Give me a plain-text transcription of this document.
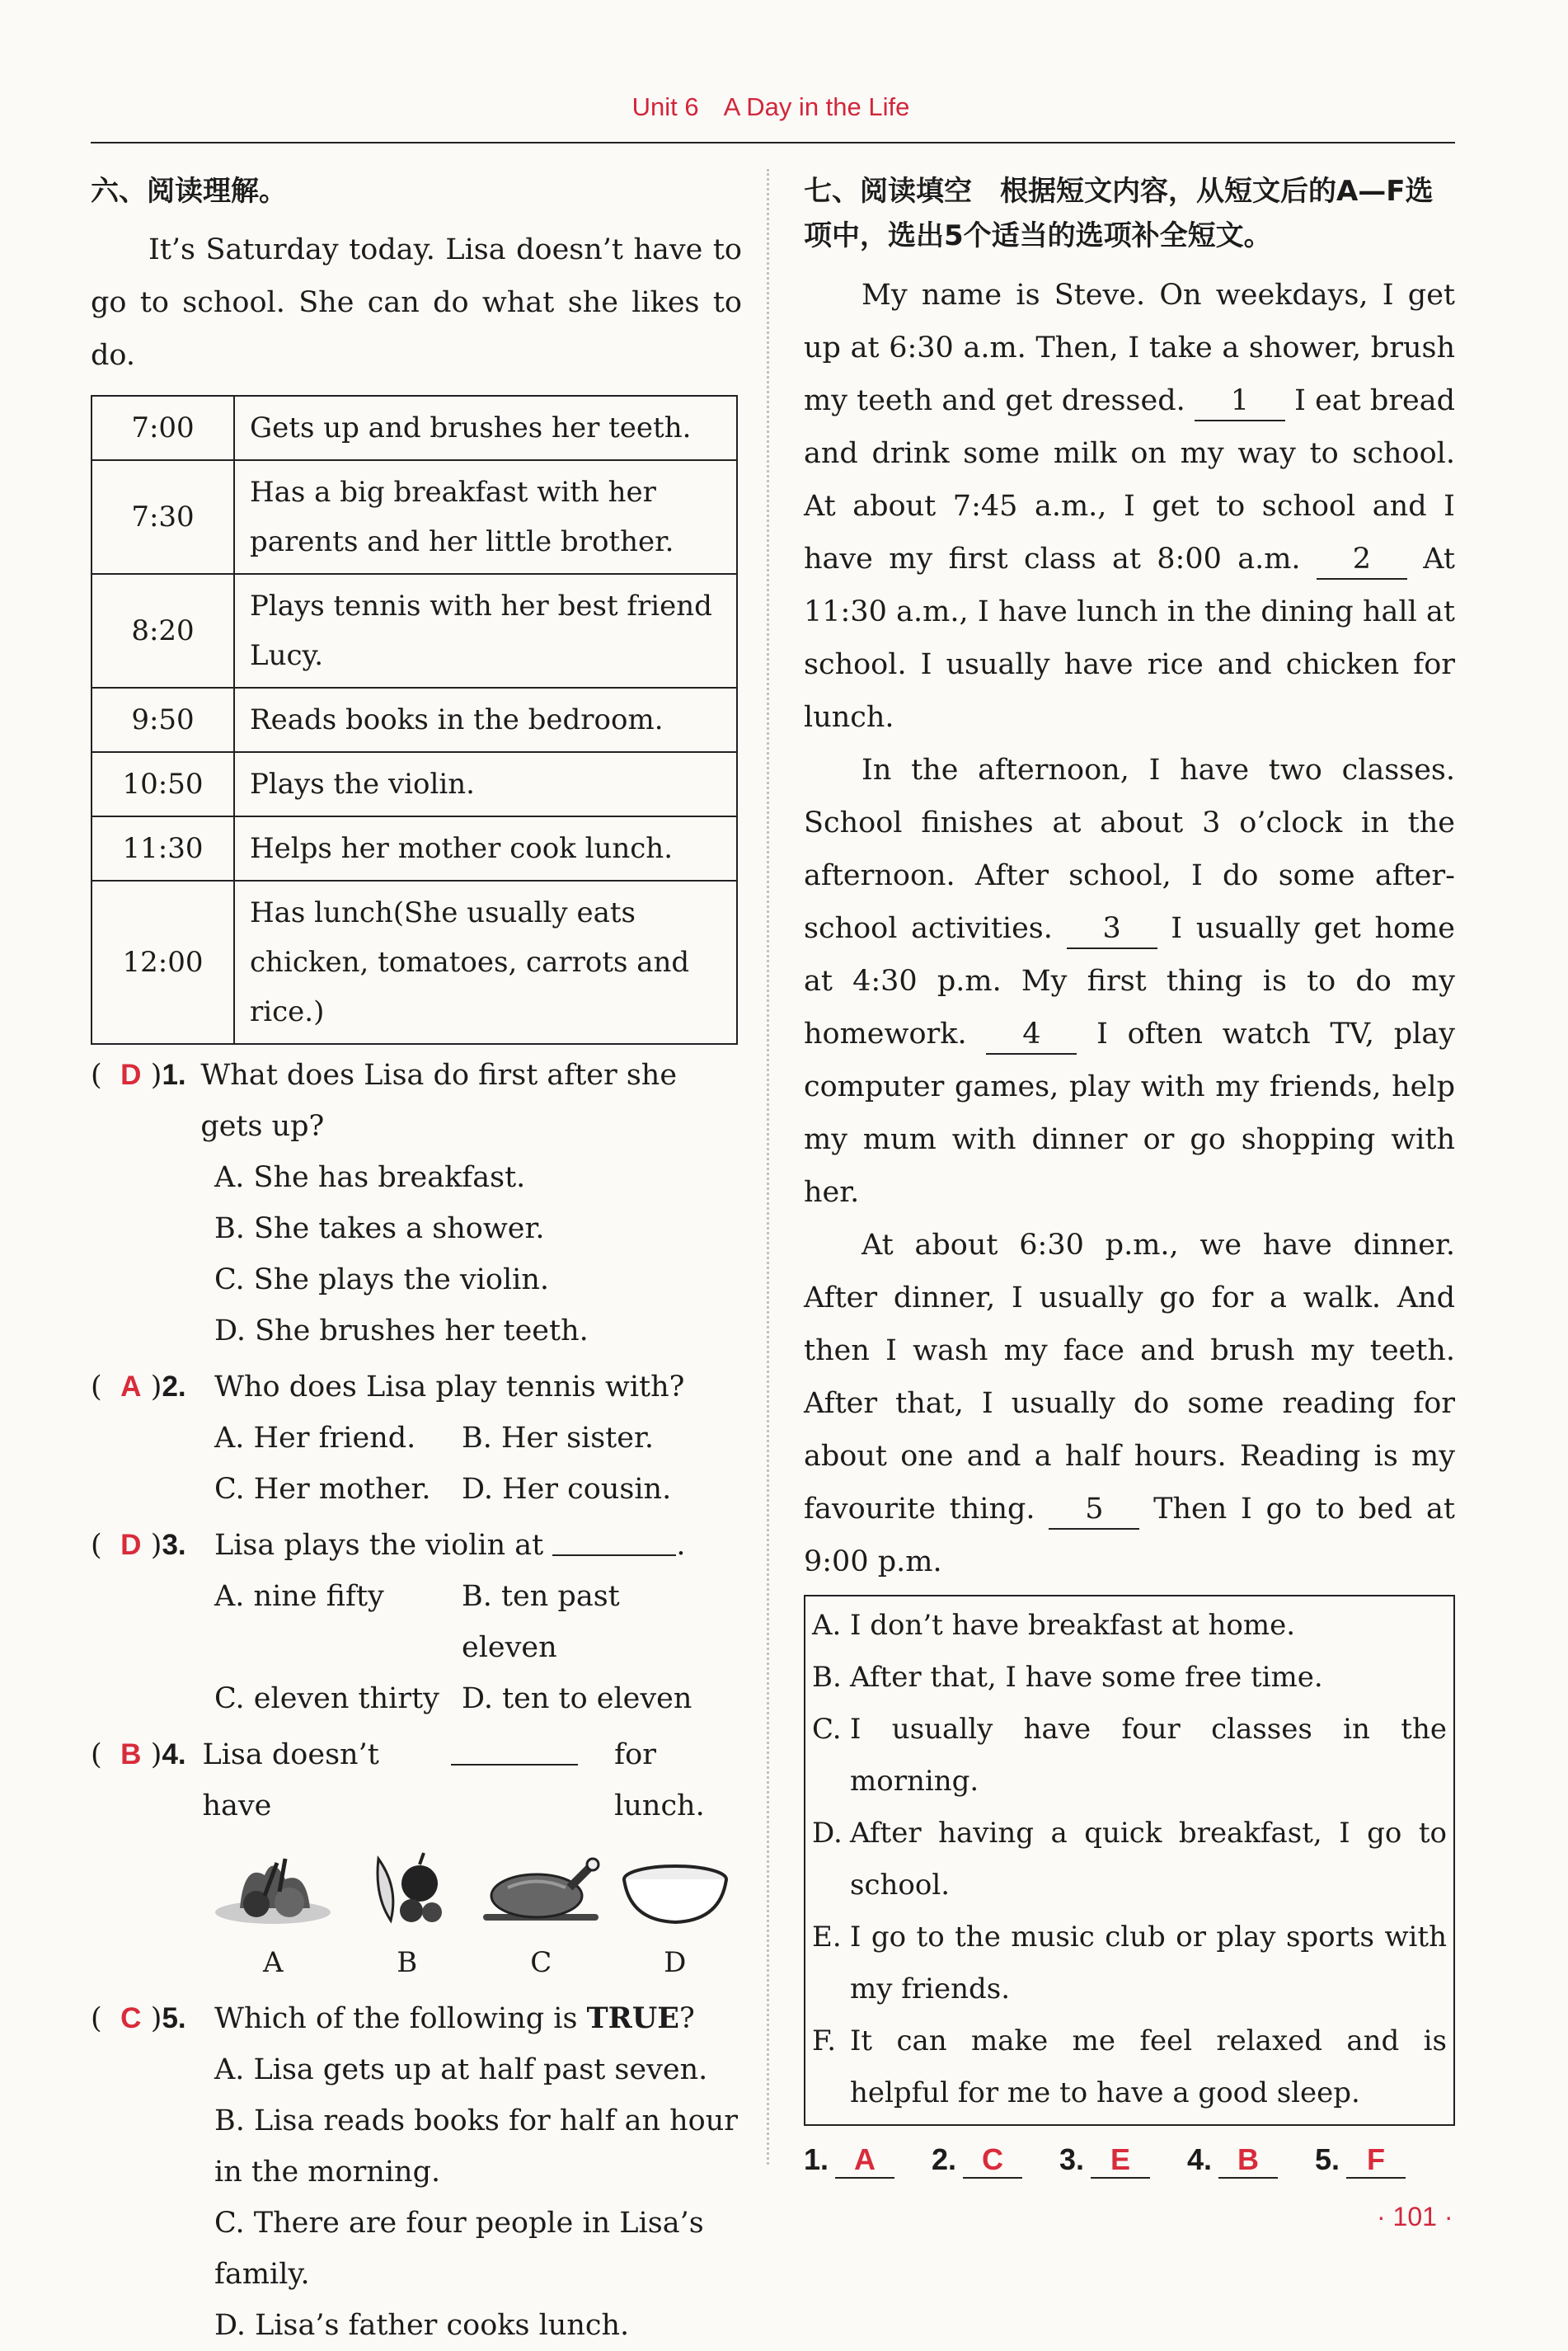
Unit 6 A Day in the Life
六、阅读理解。

It’s Saturday today. Lisa doesn’t have to go to school. She can do what she likes to do.

7:00	Gets up and brushes her teeth.
7:30	Has a big breakfast with her parents and her little brother.
8:20	Plays tennis with her best friend Lucy.
9:50	Reads books in the bedroom.
10:50	Plays the violin.
11:30	Helps her mother cook lunch.
12:00	Has lunch(She usually eats chicken, tomatoes, carrots and rice.)
( D )1. What does Lisa do first after she gets up?
A. She has breakfast.
B. She takes a shower.
C. She plays the violin.
D. She brushes her teeth.
( A )2. Who does Lisa play tennis with?
A. Her friend.	B. Her sister.
C. Her mother.	D. Her cousin.
( D )3. Lisa plays the violin at
	.
A. nine fifty	B. ten past eleven
C. eleven thirty D. ten to eleven
( B )4. Lisa doesn’t have

for lunch.
A	B	C	D
( C )5. Which of the following is TRUE?
A. Lisa gets up at half past seven.
B. Lisa reads books for half an hour in the morning.
C. There are four people in Lisa’s family.
D. Lisa’s father cooks lunch.
七、阅读填空　根据短文内容，从短文后的A—F选项中，选出5个适当的选项补全短文。

My name is Steve. On weekdays, I get up at 6:30 a.m. Then, I take a shower, brush my teeth and get dressed. 1 I eat bread and drink some milk on my way to school. At about 7:45 a.m., I get to school and I have my first class at 8:00 a.m. 2 At 11:30 a.m., I have lunch in the dining hall at school. I usually have rice and chicken for lunch.

In the afternoon, I have two classes. School finishes at about 3 o’clock in the afternoon. After school, I do some after-school activities. 3 I usually get home at 4:30 p.m. My first thing is to do my homework. 4 I often watch TV, play computer games, play with my friends, help my mum with dinner or go shopping with her.

At about 6:30 p.m., we have dinner. After dinner, I usually go for a walk. And then I wash my face and brush my teeth. After that, I usually do some reading for about one and a half hours. Reading is my favourite thing. 5 Then I go to bed at 9:00 p.m.

A. I don’t have breakfast at home.
B. After that, I have some free time.
C. I usually have four classes in the morning.
D. After having a quick breakfast, I go to school.
E. I go to the music club or play sports with my friends.
F. It can make me feel relaxed and is helpful for me to have a good sleep.
1. A	2. C	3. E	4. B	5. F
· 101 ·
